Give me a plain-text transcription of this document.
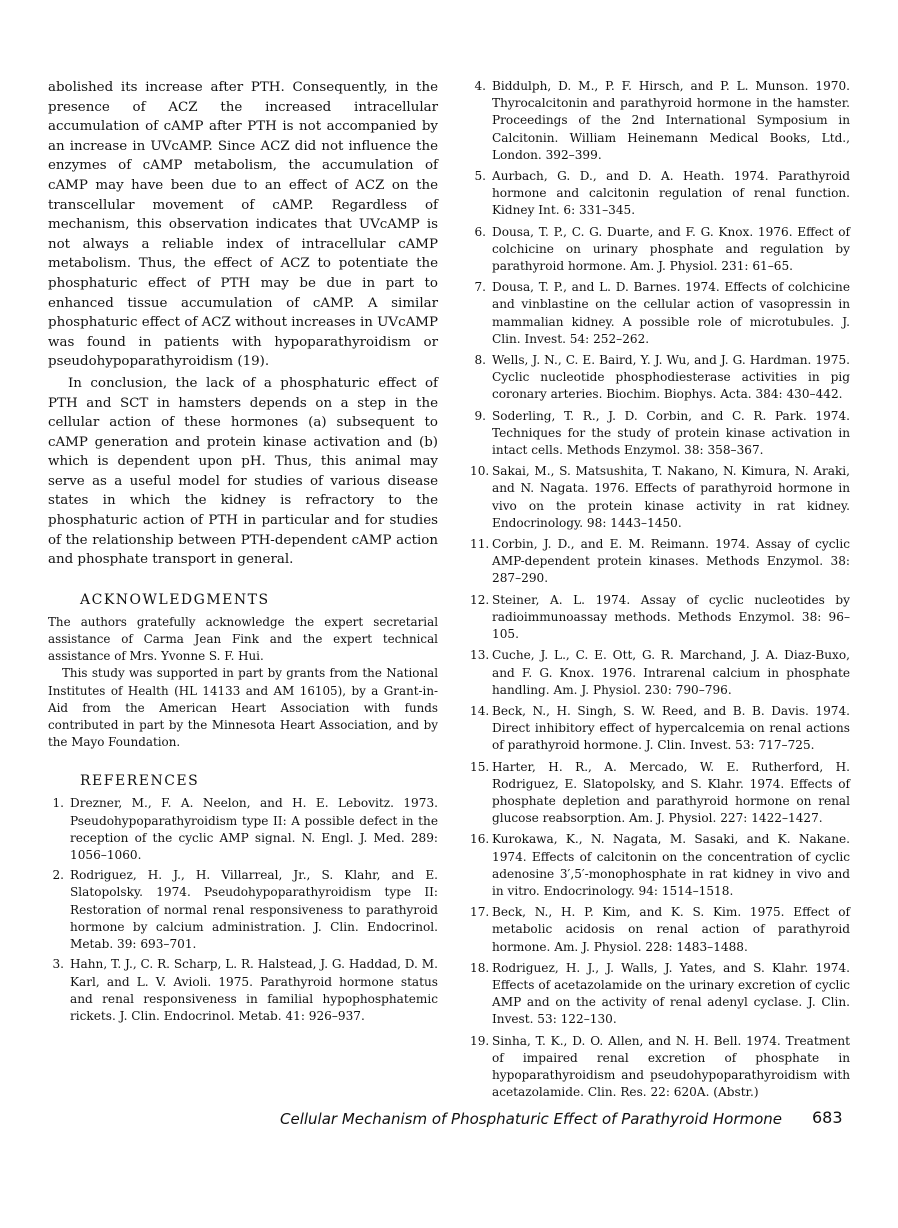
abolished its increase after PTH. Consequently, in the presence of ACZ the increased intracellular accumulation of cAMP after PTH is not accompanied by an increase in UVcAMP. Since ACZ did not influence the enzymes of cAMP metabolism, the accumulation of cAMP may have been due to an effect of ACZ on the transcellular movement of cAMP. Regardless of mechanism, this observation indicates that UVcAMP is not always a reliable index of intracellular cAMP metabolism. Thus, the effect of ACZ to potentiate the phosphaturic effect of PTH may be due in part to enhanced tissue accumulation of cAMP. A similar phosphaturic effect of ACZ without increases in UVcAMP was found in patients with hypoparathyroidism or pseudohypoparathyroidism (19).

In conclusion, the lack of a phosphaturic effect of PTH and SCT in hamsters depends on a step in the cellular action of these hormones (a) subsequent to cAMP generation and protein kinase activation and (b) which is dependent upon pH. Thus, this animal may serve as a useful model for studies of various disease states in which the kidney is refractory to the phosphaturic action of PTH in particular and for studies of the relationship between PTH-dependent cAMP action and phosphate transport in general.

ACKNOWLEDGMENTS

The authors gratefully acknowledge the expert secretarial assistance of Carma Jean Fink and the expert technical assistance of Mrs. Yvonne S. F. Hui.

This study was supported in part by grants from the National Institutes of Health (HL 14133 and AM 16105), by a Grant-in-Aid from the American Heart Association with funds contributed in part by the Minnesota Heart Association, and by the Mayo Foundation.

REFERENCES
1. Drezner, M., F. A. Neelon, and H. E. Lebovitz. 1973. Pseudohypoparathyroidism type II: A possible defect in the reception of the cyclic AMP signal. N. Engl. J. Med. 289: 1056–1060.
2. Rodriguez, H. J., H. Villarreal, Jr., S. Klahr, and E. Slatopolsky. 1974. Pseudohypoparathyroidism type II: Restoration of normal renal responsiveness to parathyroid hormone by calcium administration. J. Clin. Endocrinol. Metab. 39: 693–701.
3. Hahn, T. J., C. R. Scharp, L. R. Halstead, J. G. Haddad, D. M. Karl, and L. V. Avioli. 1975. Parathyroid hormone status and renal responsiveness in familial hypophosphatemic rickets. J. Clin. Endocrinol. Metab. 41: 926–937.
4. Biddulph, D. M., P. F. Hirsch, and P. L. Munson. 1970. Thyrocalcitonin and parathyroid hormone in the hamster. Proceedings of the 2nd International Symposium in Calcitonin. William Heinemann Medical Books, Ltd., London. 392–399.
5. Aurbach, G. D., and D. A. Heath. 1974. Parathyroid hormone and calcitonin regulation of renal function. Kidney Int. 6: 331–345.
6. Dousa, T. P., C. G. Duarte, and F. G. Knox. 1976. Effect of colchicine on urinary phosphate and regulation by parathyroid hormone. Am. J. Physiol. 231: 61–65.
7. Dousa, T. P., and L. D. Barnes. 1974. Effects of colchicine and vinblastine on the cellular action of vasopressin in mammalian kidney. A possible role of microtubules. J. Clin. Invest. 54: 252–262.
8. Wells, J. N., C. E. Baird, Y. J. Wu, and J. G. Hardman. 1975. Cyclic nucleotide phosphodiesterase activities in pig coronary arteries. Biochim. Biophys. Acta. 384: 430–442.
9. Soderling, T. R., J. D. Corbin, and C. R. Park. 1974. Techniques for the study of protein kinase activation in intact cells. Methods Enzymol. 38: 358–367.
10. Sakai, M., S. Matsushita, T. Nakano, N. Kimura, N. Araki, and N. Nagata. 1976. Effects of parathyroid hormone in vivo on the protein kinase activity in rat kidney. Endocrinology. 98: 1443–1450.
11. Corbin, J. D., and E. M. Reimann. 1974. Assay of cyclic AMP-dependent protein kinases. Methods Enzymol. 38: 287–290.
12. Steiner, A. L. 1974. Assay of cyclic nucleotides by radioimmunoassay methods. Methods Enzymol. 38: 96–105.
13. Cuche, J. L., C. E. Ott, G. R. Marchand, J. A. Diaz-Buxo, and F. G. Knox. 1976. Intrarenal calcium in phosphate handling. Am. J. Physiol. 230: 790–796.
14. Beck, N., H. Singh, S. W. Reed, and B. B. Davis. 1974. Direct inhibitory effect of hypercalcemia on renal actions of parathyroid hormone. J. Clin. Invest. 53: 717–725.
15. Harter, H. R., A. Mercado, W. E. Rutherford, H. Rodriguez, E. Slatopolsky, and S. Klahr. 1974. Effects of phosphate depletion and parathyroid hormone on renal glucose reabsorption. Am. J. Physiol. 227: 1422–1427.
16. Kurokawa, K., N. Nagata, M. Sasaki, and K. Nakane. 1974. Effects of calcitonin on the concentration of cyclic adenosine 3′,5′-monophosphate in rat kidney in vivo and in vitro. Endocrinology. 94: 1514–1518.
17. Beck, N., H. P. Kim, and K. S. Kim. 1975. Effect of metabolic acidosis on renal action of parathyroid hormone. Am. J. Physiol. 228: 1483–1488.
18. Rodriguez, H. J., J. Walls, J. Yates, and S. Klahr. 1974. Effects of acetazolamide on the urinary excretion of cyclic AMP and on the activity of renal adenyl cyclase. J. Clin. Invest. 53: 122–130.
19. Sinha, T. K., D. O. Allen, and N. H. Bell. 1974. Treatment of impaired renal excretion of phosphate in hypoparathyroidism and pseudohypoparathyroidism with acetazolamide. Clin. Res. 22: 620A. (Abstr.)
Cellular Mechanism of Phosphaturic Effect of Parathyroid Hormone 683
